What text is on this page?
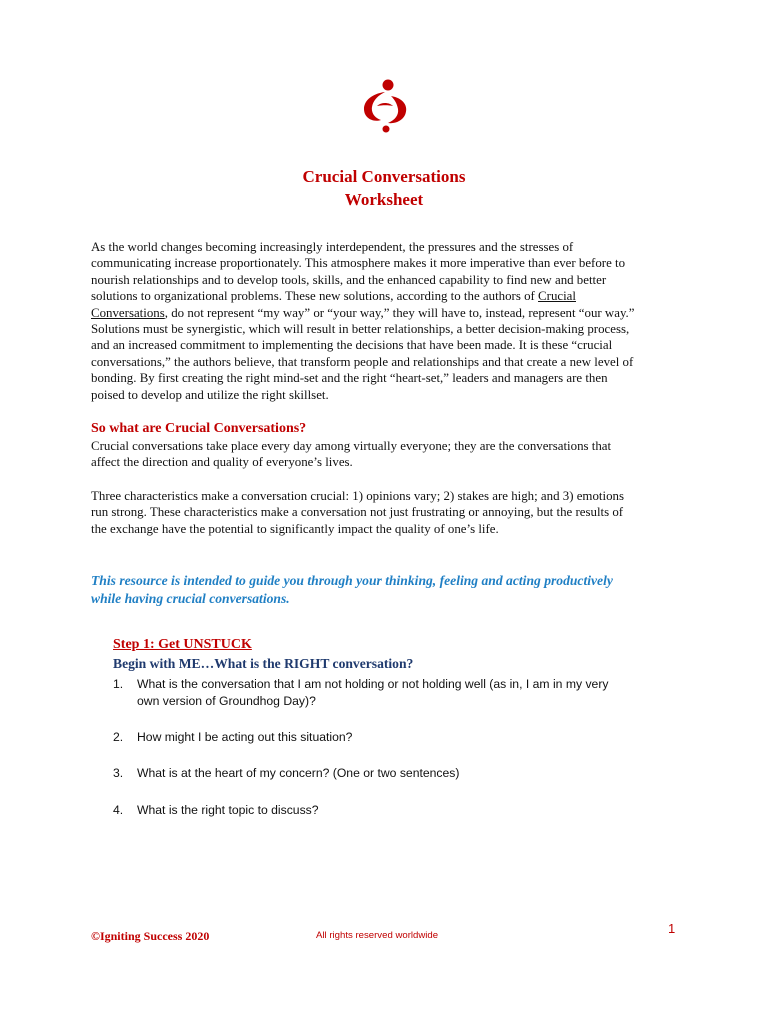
Crucial Conversations
Worksheet
As the world changes becoming increasingly interdependent, the pressures and the stresses of
communicating increase proportionately. This atmosphere makes it more imperative than ever before to
nourish relationships and to develop tools, skills, and the enhanced capability to find new and better
solutions to organizational problems. These new solutions, according to the authors of Crucial
Conversations, do not represent “my way” or “your way,” they will have to, instead, represent “our way.”
Solutions must be synergistic, which will result in better relationships, a better decision-making process,
and an increased commitment to implementing the decisions that have been made. It is these “crucial
conversations,” the authors believe, that transform people and relationships and that create a new level of
bonding. By first creating the right mind-set and the right “heart-set,” leaders and managers are then
poised to develop and utilize the right skillset.
So what are Crucial Conversations?
Crucial conversations take place every day among virtually everyone; they are the conversations that
affect the direction and quality of everyone’s lives.
Three characteristics make a conversation crucial: 1) opinions vary; 2) stakes are high; and 3) emotions
run strong. These characteristics make a conversation not just frustrating or annoying, but the results of
the exchange have the potential to significantly impact the quality of one’s life.
This resource is intended to guide you through your thinking, feeling and acting productively
while having crucial conversations.
Step 1: Get UNSTUCK
Begin with ME…What is the RIGHT conversation?
1. What is the conversation that I am not holding or not holding well (as in, I am in my very
own version of Groundhog Day)?
2. How might I be acting out this situation?
3. What is at the heart of my concern? (One or two sentences)
4. What is the right topic to discuss?
©Igniting Success 2020	All rights reserved worldwide	1
